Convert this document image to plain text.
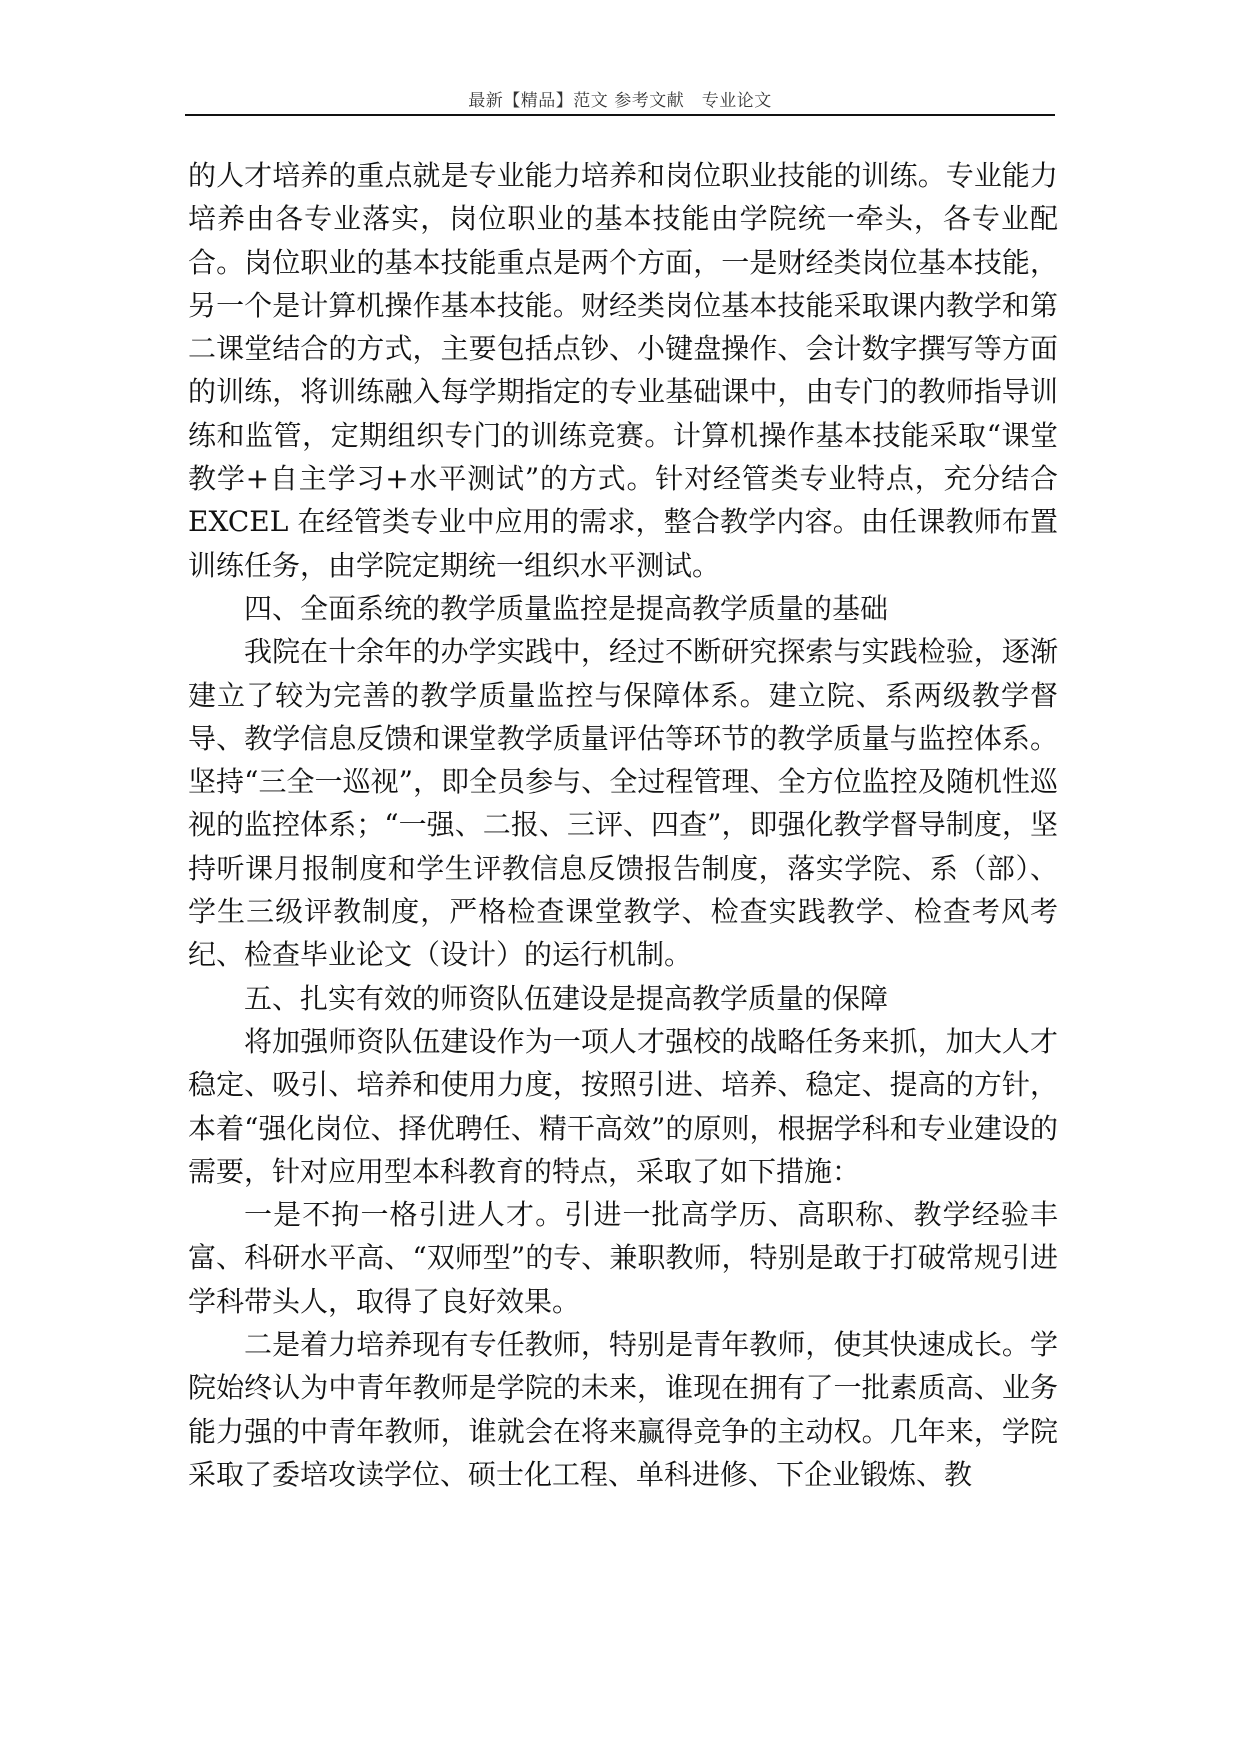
最新【精品】范文 参考文献　专业论文

的人才培养的重点就是专业能力培养和岗位职业技能的训练。专业能力培养由各专业落实，岗位职业的基本技能由学院统一牵头，各专业配合。岗位职业的基本技能重点是两个方面，一是财经类岗位基本技能，另一个是计算机操作基本技能。财经类岗位基本技能采取课内教学和第二课堂结合的方式，主要包括点钞、小键盘操作、会计数字撰写等方面的训练，将训练融入每学期指定的专业基础课中，由专门的教师指导训练和监管，定期组织专门的训练竞赛。计算机操作基本技能采取“课堂教学+自主学习+水平测试”的方式。针对经管类专业特点，充分结合 EXCEL 在经管类专业中应用的需求，整合教学内容。由任课教师布置训练任务，由学院定期统一组织水平测试。

四、全面系统的教学质量监控是提高教学质量的基础

我院在十余年的办学实践中，经过不断研究探索与实践检验，逐渐建立了较为完善的教学质量监控与保障体系。建立院、系两级教学督导、教学信息反馈和课堂教学质量评估等环节的教学质量与监控体系。坚持“三全一巡视”，即全员参与、全过程管理、全方位监控及随机性巡视的监控体系；“一强、二报、三评、四查”，即强化教学督导制度，坚持听课月报制度和学生评教信息反馈报告制度，落实学院、系（部）、学生三级评教制度，严格检查课堂教学、检查实践教学、检查考风考纪、检查毕业论文（设计）的运行机制。

五、扎实有效的师资队伍建设是提高教学质量的保障

将加强师资队伍建设作为一项人才强校的战略任务来抓，加大人才稳定、吸引、培养和使用力度，按照引进、培养、稳定、提高的方针，本着“强化岗位、择优聘任、精干高效”的原则，根据学科和专业建设的需要，针对应用型本科教育的特点，采取了如下措施：

一是不拘一格引进人才。引进一批高学历、高职称、教学经验丰富、科研水平高、“双师型”的专、兼职教师，特别是敢于打破常规引进学科带头人，取得了良好效果。

二是着力培养现有专任教师，特别是青年教师，使其快速成长。学院始终认为中青年教师是学院的未来，谁现在拥有了一批素质高、业务能力强的中青年教师，谁就会在将来赢得竞争的主动权。几年来，学院采取了委培攻读学位、硕士化工程、单科进修、下企业锻炼、教
